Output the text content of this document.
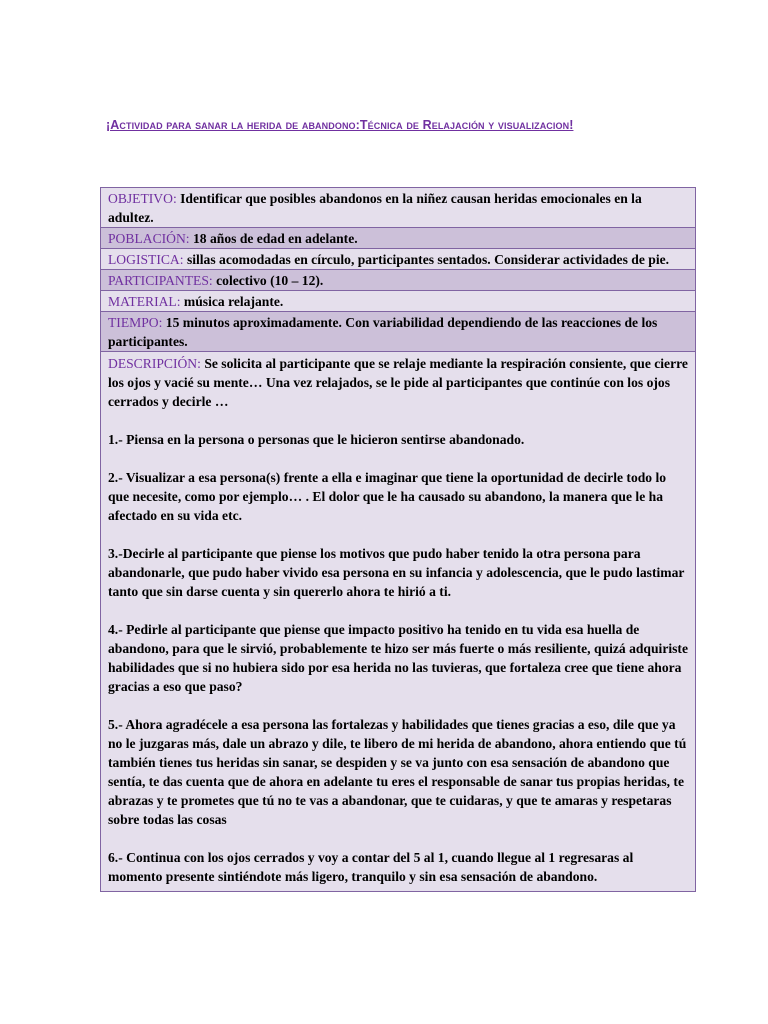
¡Actividad para sanar la herida de abandono:Técnica de Relajación y visualizacion!
OBJETIVO: Identificar que posibles abandonos en la niñez causan heridas emocionales en la adultez.
POBLACIÓN: 18 años de edad en adelante.
LOGISTICA: sillas acomodadas en círculo, participantes sentados. Considerar actividades de pie.
PARTICIPANTES: colectivo (10 – 12).
MATERIAL: música relajante.
TIEMPO: 15 minutos aproximadamente. Con variabilidad dependiendo de las reacciones de los participantes.

DESCRIPCIÓN: Se solicita al participante que se relaje mediante la respiración consiente, que cierre los ojos y vacié su mente… Una vez relajados, se le pide al participantes que continúe con los ojos cerrados y decirle …

1.- Piensa en la persona o personas que le hicieron sentirse abandonado.

2.- Visualizar a esa persona(s) frente a ella e imaginar que tiene la oportunidad de decirle todo lo que necesite, como por ejemplo… . El dolor que le ha causado su abandono, la manera que le ha afectado en su vida etc.

3.-Decirle al participante que piense los motivos que pudo haber tenido la otra persona para abandonarle, que pudo haber vivido esa persona en su infancia y adolescencia, que le pudo lastimar tanto que sin darse cuenta y sin quererlo ahora te hirió a ti.

4.- Pedirle al participante que piense que impacto positivo ha tenido en tu vida esa huella de abandono, para que le sirvió, probablemente te hizo ser más fuerte o más resiliente, quizá adquiriste habilidades que si no hubiera sido por esa herida no las tuvieras, que fortaleza cree que tiene ahora gracias a eso que paso?

5.- Ahora agradécele a esa persona las fortalezas y habilidades que tienes gracias a eso, dile que ya no le juzgaras más, dale un abrazo y dile, te libero de mi herida de abandono, ahora entiendo que tú también tienes tus heridas sin sanar, se despiden y se va junto con esa sensación de abandono que sentía, te das cuenta que de ahora en adelante tu eres el responsable de sanar tus propias heridas, te abrazas y te prometes que tú no te vas a abandonar, que te cuidaras, y que te amaras y respetaras sobre todas las cosas

6.- Continua con los ojos cerrados y voy a contar del 5 al 1, cuando llegue al 1 regresaras al momento presente sintiéndote más ligero, tranquilo y sin esa sensación de abandono.
